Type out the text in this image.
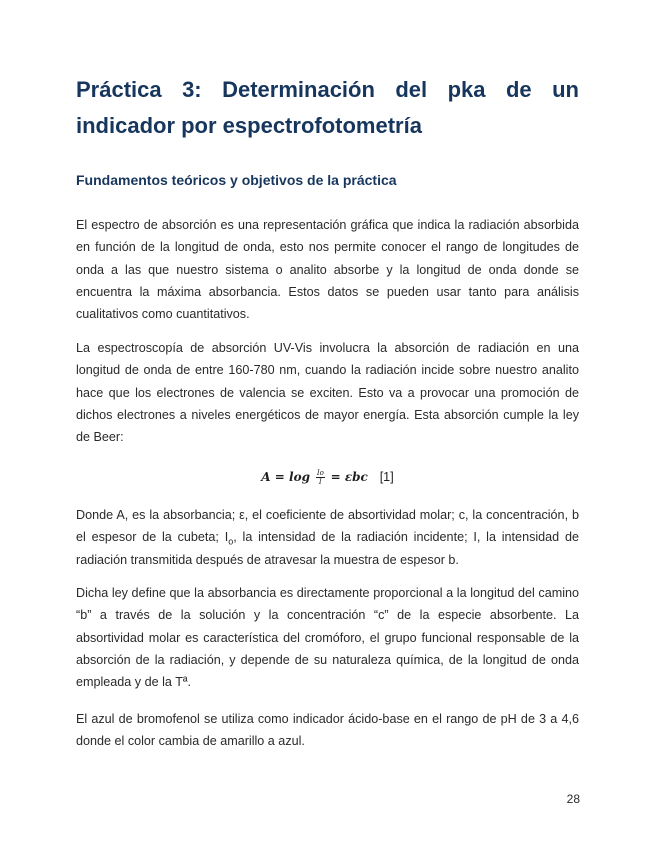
Práctica 3: Determinación del pka de un indicador por espectrofotometría
Fundamentos teóricos y objetivos de la práctica

El espectro de absorción es una representación gráfica que indica la radiación absorbida en función de la longitud de onda, esto nos permite conocer el rango de longitudes de onda a las que nuestro sistema o analito absorbe y la longitud de onda donde se encuentra la máxima absorbancia. Estos datos se pueden usar tanto para análisis cualitativos como cuantitativos.

La espectroscopía de absorción UV-Vis involucra la absorción de radiación en una longitud de onda de entre 160-780 nm, cuando la radiación incide sobre nuestro analito hace que los electrones de valencia se exciten. Esto va a provocar una promoción de dichos electrones a niveles energéticos de mayor energía. Esta absorción cumple la ley de Beer:

$A = \log \frac{Io}{I} = \varepsilon bc$ [1]

Donde A, es la absorbancia; ε, el coeficiente de absortividad molar; c, la concentración, b el espesor de la cubeta; $I_o$, la intensidad de la radiación incidente; I, la intensidad de radiación transmitida después de atravesar la muestra de espesor b.

Dicha ley define que la absorbancia es directamente proporcional a la longitud del camino “b” a través de la solución y la concentración “c” de la especie absorbente. La absortividad molar es característica del cromóforo, el grupo funcional responsable de la absorción de la radiación, y depende de su naturaleza química, de la longitud de onda empleada y de la Tª.

El azul de bromofenol se utiliza como indicador ácido-base en el rango de pH de 3 a 4,6 donde el color cambia de amarillo a azul.

28
